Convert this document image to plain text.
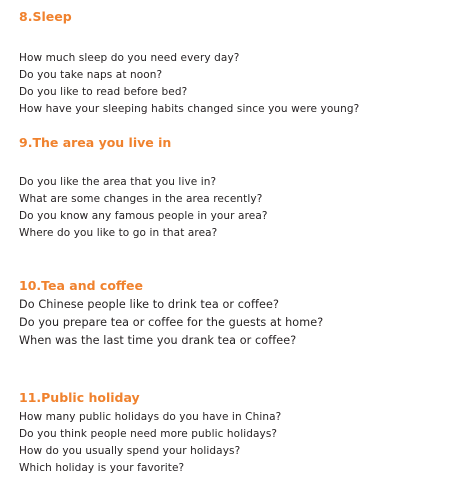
8.Sleep
How much sleep do you need every day?
Do you take naps at noon?
Do you like to read before bed?
How have your sleeping habits changed since you were young?
9.The area you live in
Do you like the area that you live in?
What are some changes in the area recently?
Do you know any famous people in your area?
Where do you like to go in that area?
10.Tea and coffee
Do Chinese people like to drink tea or coffee?
Do you prepare tea or coffee for the guests at home?
When was the last time you drank tea or coffee?
11.Public holiday
How many public holidays do you have in China?
Do you think people need more public holidays?
How do you usually spend your holidays?
Which holiday is your favorite?
